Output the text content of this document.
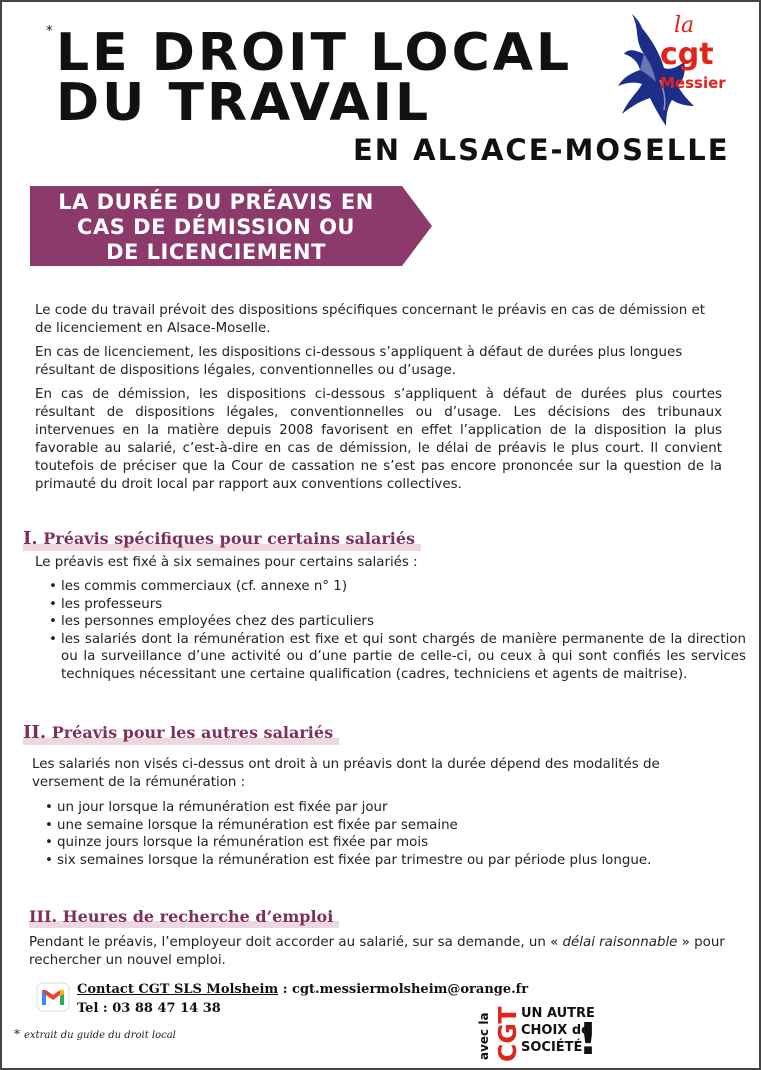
* LE DROIT LOCAL
DU TRAVAIL
EN ALSACE-MOSELLE
la
cgt
Messier
LA DURÉE DU PRÉAVIS EN
CAS DE DÉMISSION OU
DE LICENCIEMENT

Le code du travail prévoit des dispositions spécifiques concernant le préavis en cas de démission et de licenciement en Alsace-Moselle.

En cas de licenciement, les dispositions ci-dessous s’appliquent à défaut de durées plus longues résultant de dispositions légales, conventionnelles ou d’usage.

En cas de démission, les dispositions ci-dessous s’appliquent à défaut de durées plus courtes résultant de dispositions légales, conventionnelles ou d’usage. Les décisions des tribunaux intervenues en la matière depuis 2008 favorisent en effet l’application de la disposition la plus favorable au salarié, c’est-à-dire en cas de démission, le délai de préavis le plus court. Il convient toutefois de préciser que la Cour de cassation ne s’est pas encore prononcée sur la question de la primauté du droit local par rapport aux conventions collectives.

I. Préavis spécifiques pour certains salariés
Le préavis est fixé à six semaines pour certains salariés :
• les commis commerciaux (cf. annexe n° 1)
• les professeurs
• les personnes employées chez des particuliers
• les salariés dont la rémunération est fixe et qui sont chargés de manière permanente de la direction ou la surveillance d’une activité ou d’une partie de celle-ci, ou ceux à qui sont confiés les services techniques nécessitant une certaine qualification (cadres, techniciens et agents de maitrise).
II. Préavis pour les autres salariés
Les salariés non visés ci-dessus ont droit à un préavis dont la durée dépend des modalités de versement de la rémunération :
• un jour lorsque la rémunération est fixée par jour
• une semaine lorsque la rémunération est fixée par semaine
• quinze jours lorsque la rémunération est fixée par mois
• six semaines lorsque la rémunération est fixée par trimestre ou par période plus longue.
III. Heures de recherche d’emploi
Pendant le préavis, l’employeur doit accorder au salarié, sur sa demande, un « délai raisonnable » pour rechercher un nouvel emploi.
Contact CGT SLS Molsheim : cgt.messiermolsheim@orange.fr
Tel : 03 88 47 14 38
* extrait du guide du droit local	avec la CGT !
UN AUTRE
CHOIX de
SOCIÉTÉ
